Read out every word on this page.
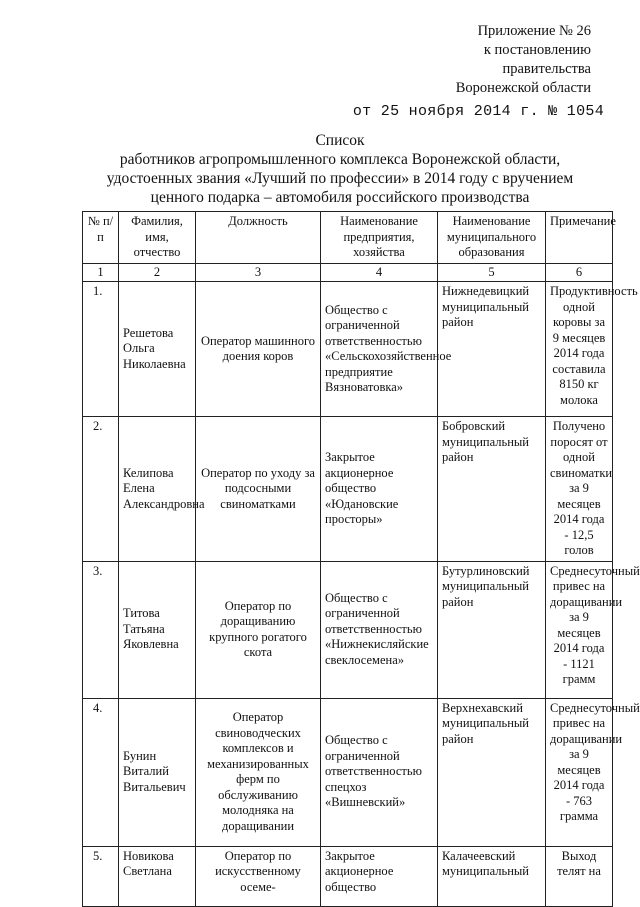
Приложение № 26
к постановлению
правительства
Воронежской области
от 25 ноября 2014 г. № 1054
Список
работников агропромышленного комплекса Воронежской области,
удостоенных звания «Лучший по профессии» в 2014 году с вручением
ценного подарка – автомобиля российского производства
№ п/п	Фамилия, имя, отчество	Должность	Наименование предприятия, хозяйства	Наименование муниципального образования	Примечание
1	2	3	4	5	6
1.	Решетова Ольга Николаевна	Оператор машинного доения коров	Общество с ограниченной ответственностью «Сельскохозяйственное предприятие Вязноватовка»	Нижнедевицкий муниципальный район	Продуктивность одной коровы за 9 месяцев 2014 года составила 8150 кг молока
2.	Келипова Елена Александровна	Оператор по уходу за подсосными свиноматками	Закрытое акционерное общество «Юдановские просторы»	Бобровский муниципальный район	Получено поросят от одной свиноматки за 9 месяцев 2014 года - 12,5 голов
3.	Титова Татьяна Яковлевна	Оператор по доращиванию крупного рогатого скота	Общество с ограниченной ответственностью «Нижнекисляйские свеклосемена»	Бутурлиновский муниципальный район	Среднесуточный привес на доращивании за 9 месяцев 2014 года - 1121 грамм
4.	Бунин Виталий Витальевич	Оператор свиноводческих комплексов и механизированных ферм по обслуживанию молодняка на доращивании	Общество с ограниченной ответственностью спецхоз «Вишневский»	Верхнехавский муниципальный район	Среднесуточный привес на доращивании за 9 месяцев 2014 года - 763 грамма
5.	Новикова Светлана	Оператор по искусственному осеме-	Закрытое акционерное общество	Калачеевский муниципальный	Выход телят на
